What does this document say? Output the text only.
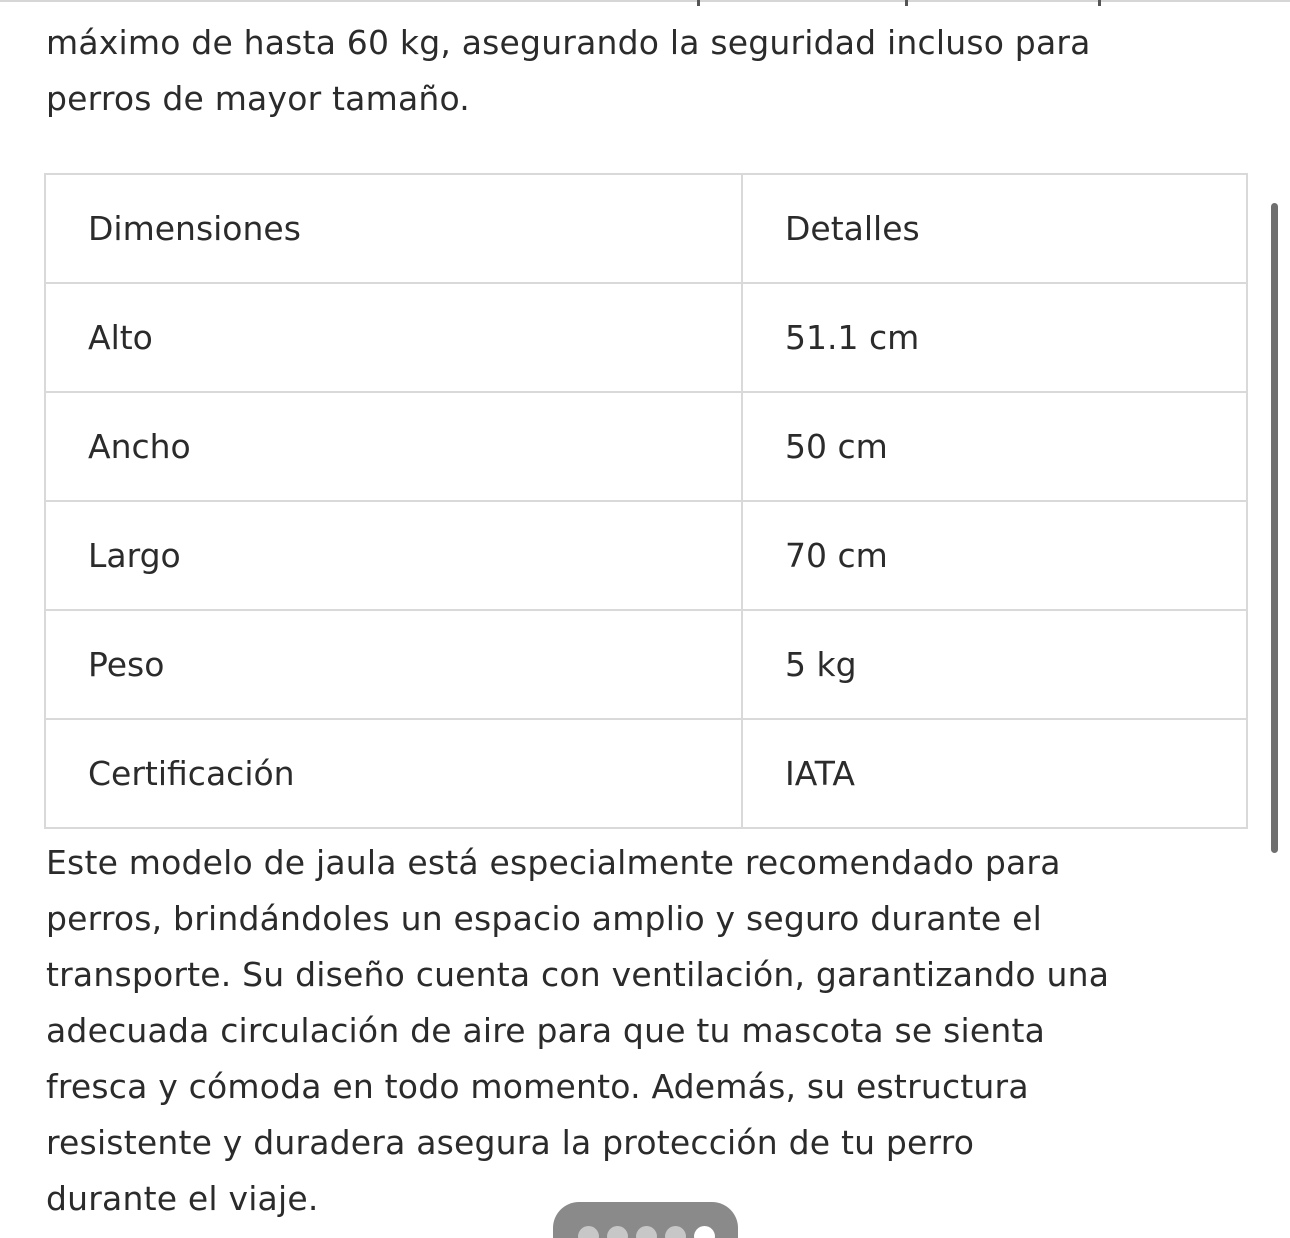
máximo de hasta 60 kg, asegurando la seguridad incluso para
perros de mayor tamaño.
Dimensiones	Detalles
Alto	51.1 cm
Ancho	50 cm
Largo	70 cm
Peso	5 kg
Certificación	IATA
Este modelo de jaula está especialmente recomendado para
perros, brindándoles un espacio amplio y seguro durante el
transporte. Su diseño cuenta con ventilación, garantizando una
adecuada circulación de aire para que tu mascota se sienta
fresca y cómoda en todo momento. Además, su estructura
resistente y duradera asegura la protección de tu perro
durante el viaje.
